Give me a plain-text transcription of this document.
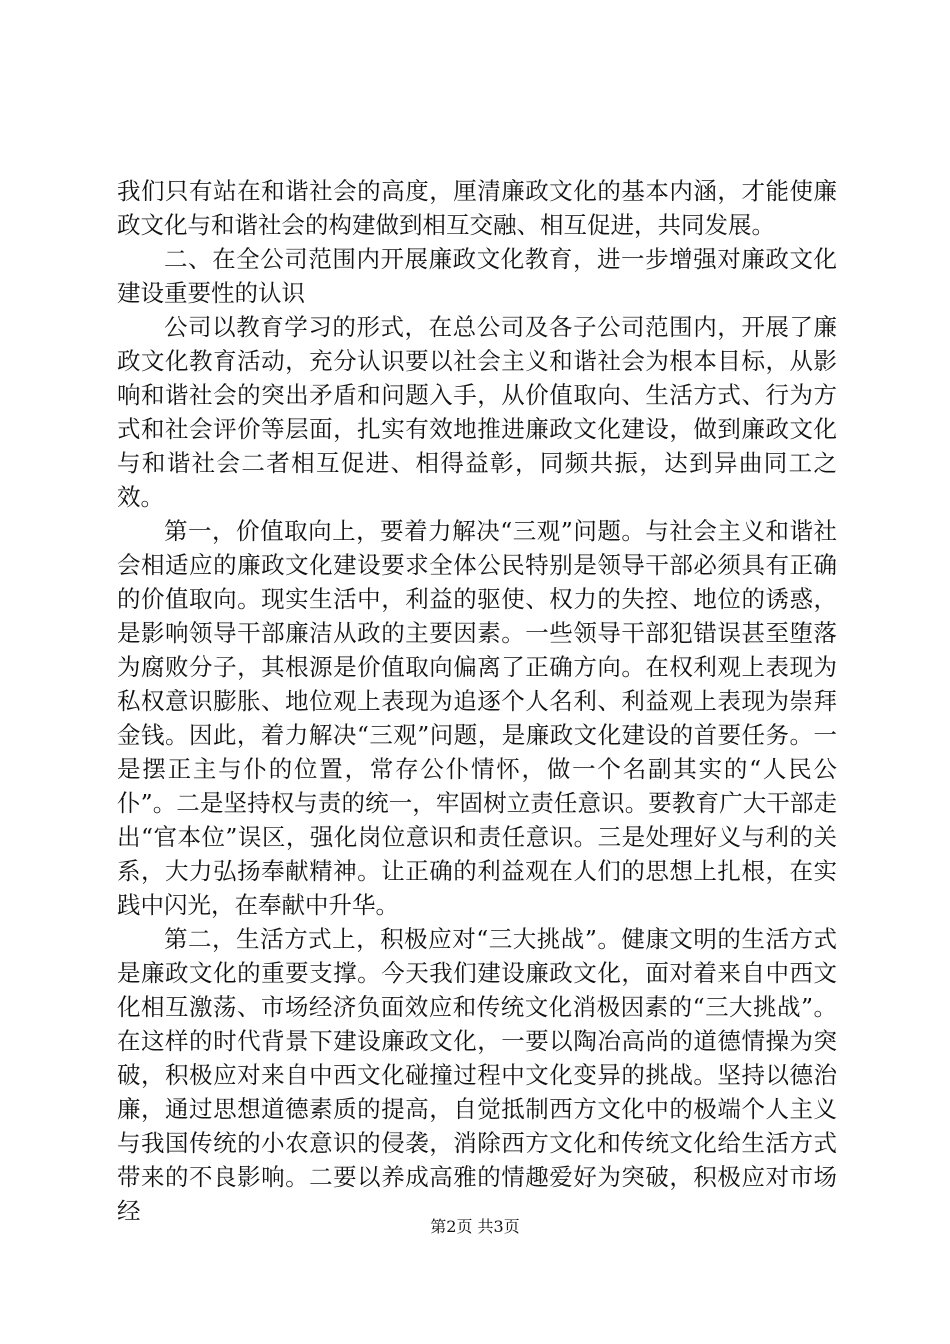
我们只有站在和谐社会的高度，厘清廉政文化的基本内涵，才能使廉政文化与和谐社会的构建做到相互交融、相互促进，共同发展。

二、在全公司范围内开展廉政文化教育，进一步增强对廉政文化建设重要性的认识

公司以教育学习的形式，在总公司及各子公司范围内，开展了廉政文化教育活动，充分认识要以社会主义和谐社会为根本目标，从影响和谐社会的突出矛盾和问题入手，从价值取向、生活方式、行为方式和社会评价等层面，扎实有效地推进廉政文化建设，做到廉政文化与和谐社会二者相互促进、相得益彰，同频共振，达到异曲同工之效。

第一，价值取向上，要着力解决“三观”问题。与社会主义和谐社会相适应的廉政文化建设要求全体公民特别是领导干部必须具有正确的价值取向。现实生活中，利益的驱使、权力的失控、地位的诱惑，是影响领导干部廉洁从政的主要因素。一些领导干部犯错误甚至堕落为腐败分子，其根源是价值取向偏离了正确方向。在权利观上表现为私权意识膨胀、地位观上表现为追逐个人名利、利益观上表现为崇拜金钱。因此，着力解决“三观”问题，是廉政文化建设的首要任务。一是摆正主与仆的位置，常存公仆情怀，做一个名副其实的“人民公仆”。二是坚持权与责的统一，牢固树立责任意识。要教育广大干部走出“官本位”误区，强化岗位意识和责任意识。三是处理好义与利的关系，大力弘扬奉献精神。让正确的利益观在人们的思想上扎根，在实践中闪光，在奉献中升华。

第二，生活方式上，积极应对“三大挑战”。健康文明的生活方式是廉政文化的重要支撑。今天我们建设廉政文化，面对着来自中西文化相互激荡、市场经济负面效应和传统文化消极因素的“三大挑战”。在这样的时代背景下建设廉政文化，一要以陶冶高尚的道德情操为突破，积极应对来自中西文化碰撞过程中文化变异的挑战。坚持以德治廉，通过思想道德素质的提高，自觉抵制西方文化中的极端个人主义与我国传统的小农意识的侵袭，消除西方文化和传统文化给生活方式带来的不良影响。二要以养成高雅的情趣爱好为突破，积极应对市场经

第2页 共3页
